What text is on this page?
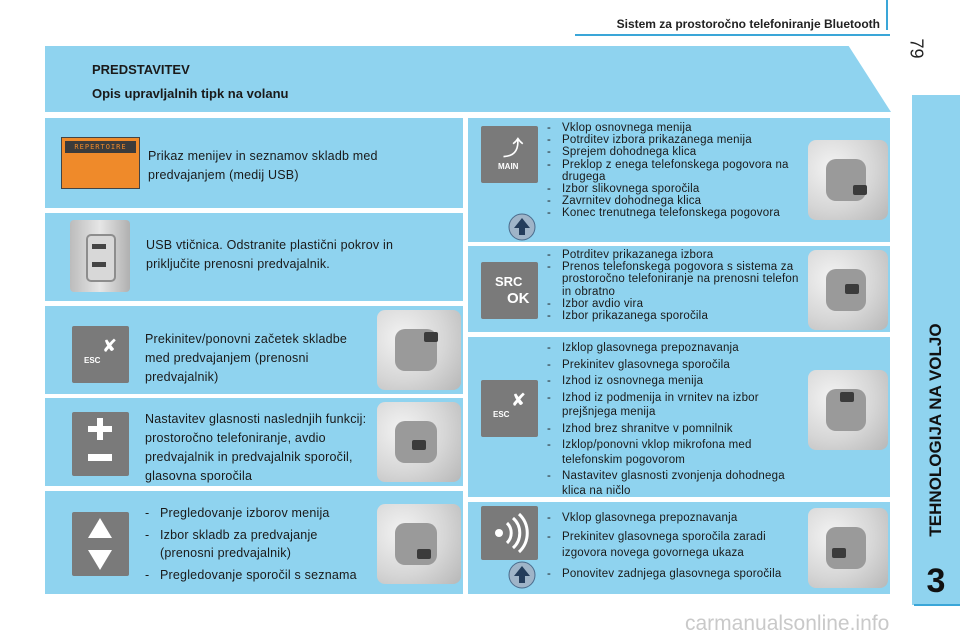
Sistem za prostoročno telefoniranje Bluetooth
79
TEHNOLOGIJA NA VOLJO
3
PREDSTAVITEV
Opis upravljalnih tipk na volanu
REPERTOIRE
Prikaz menijev in seznamov skladb med predvajanjem (medij USB)
USB vtičnica. Odstranite plastični pokrov in priključite prenosni predvajalnik.
✘
ESC
Prekinitev/ponovni začetek skladbe med predvajanjem (prenosni predvajalnik)
Nastavitev glasnosti naslednjih funkcij: prostoročno telefoniranje, avdio predvajalnik in predvajalnik sporočil, glasovna sporočila
- Pregledovanje izborov menija
- Izbor skladb za predvajanje (prenosni predvajalnik)
- Pregledovanje sporočil s seznama
⤴
MAIN
- Vklop osnovnega menija
- Potrditev izbora prikazanega menija
- Sprejem dohodnega klica
- Preklop z enega telefonskega pogovora na drugega
- Izbor slikovnega sporočila
- Zavrnitev dohodnega klica
- Konec trenutnega telefonskega pogovora
SRC
OK
- Potrditev prikazanega izbora
- Prenos telefonskega pogovora s sistema za prostoročno telefoniranje na prenosni telefon in obratno
- Izbor avdio vira
- Izbor prikazanega sporočila
✘
ESC
- Izklop glasovnega prepoznavanja
- Prekinitev glasovnega sporočila
- Izhod iz osnovnega menija
- Izhod iz podmenija in vrnitev na izbor prejšnjega menija
- Izhod brez shranitve v pomnilnik
- Izklop/ponovni vklop mikrofona med telefonskim pogovorom
- Nastavitev glasnosti zvonjenja dohodnega klica na ničlo
- Vklop glasovnega prepoznavanja
- Prekinitev glasovnega sporočila zaradi izgovora novega govornega ukaza
- Ponovitev zadnjega glasovnega sporočila
carmanualsonline.info
